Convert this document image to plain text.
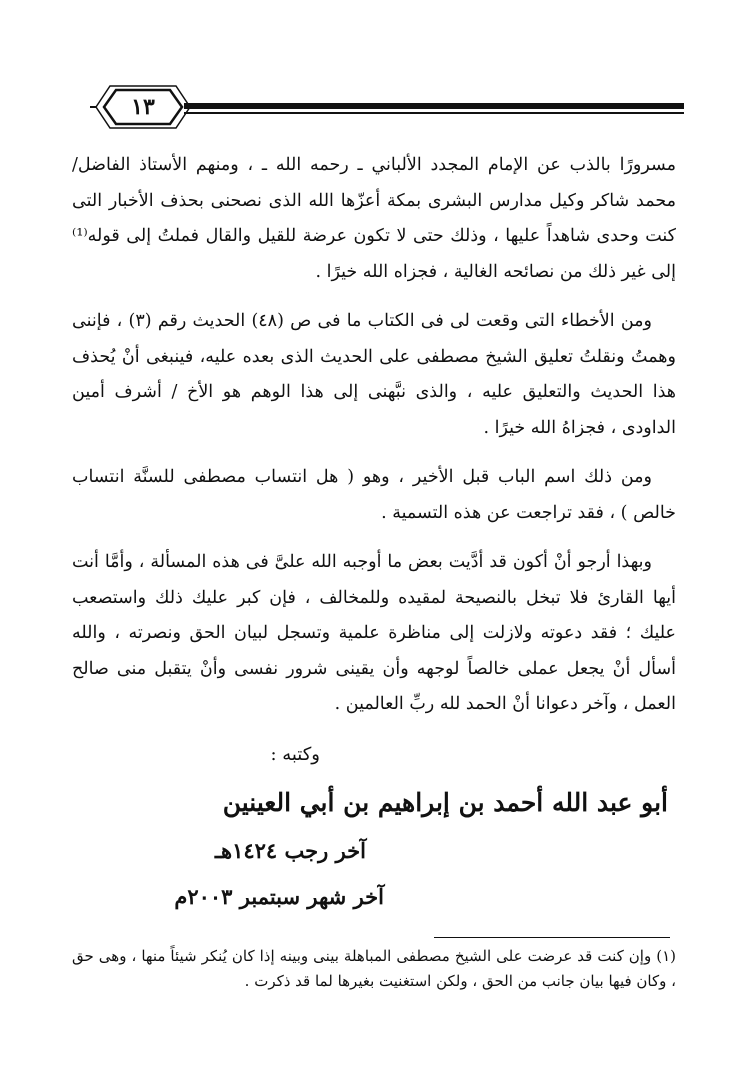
١٣

مسرورًا بالذب عن الإمام المجدد الألباني ـ رحمه الله ـ ، ومنهم الأستاذ الفاضل/ محمد شاكر وكيل مدارس البشرى بمكة أعزّها الله الذى نصحنى بحذف الأخبار التى كنت وحدى شاهداً عليها ، وذلك حتى لا تكون عرضة للقيل والقال فملتُ إلى قوله⁽¹⁾ إلى غير ذلك من نصائحه الغالية ، فجزاه الله خيرًا .

ومن الأخطاء التى وقعت لى فى الكتاب ما فى ص (٤٨) الحديث رقم (٣) ، فإننى وهمتُ ونقلتُ تعليق الشيخ مصطفى على الحديث الذى بعده عليه، فينبغى أنْ يُحذف هذا الحديث والتعليق عليه ، والذى نبَّهنى إلى هذا الوهم هو الأخ / أشرف أمين الداودى ، فجزاهُ الله خيرًا .

ومن ذلك اسم الباب قبل الأخير ، وهو ( هل انتساب مصطفى للسنَّة انتساب خالص ) ، فقد تراجعت عن هذه التسمية .

وبهذا أرجو أنْ أكون قد أدَّيت بعض ما أوجبه الله علىَّ فى هذه المسألة ، وأمَّا أنت أيها القارئ فلا تبخل بالنصيحة لمقيده وللمخالف ، فإن كبر عليك ذلك واستصعب عليك ؛ فقد دعوته ولازلت إلى مناظرة علمية وتسجل لبيان الحق ونصرته ، والله أسأل أنْ يجعل عملى خالصاً لوجهه وأن يقينى شرور نفسى وأنْ يتقبل منى صالح العمل ، وآخر دعوانا أنْ الحمد لله ربِّ العالمين .

وكتبه :
أبو عبد الله أحمد بن إبراهيم بن أبي العينين
آخر رجب ١٤٢٤هـ
آخر شهر سبتمبر ٢٠٠٣م
(١) وإن كنت قد عرضت على الشيخ مصطفى المباهلة بينى وبينه إذا كان يُنكر شيئاً منها ، وهى حق ، وكان فيها بيان جانب من الحق ، ولكن استغنيت بغيرها لما قد ذكرت .
